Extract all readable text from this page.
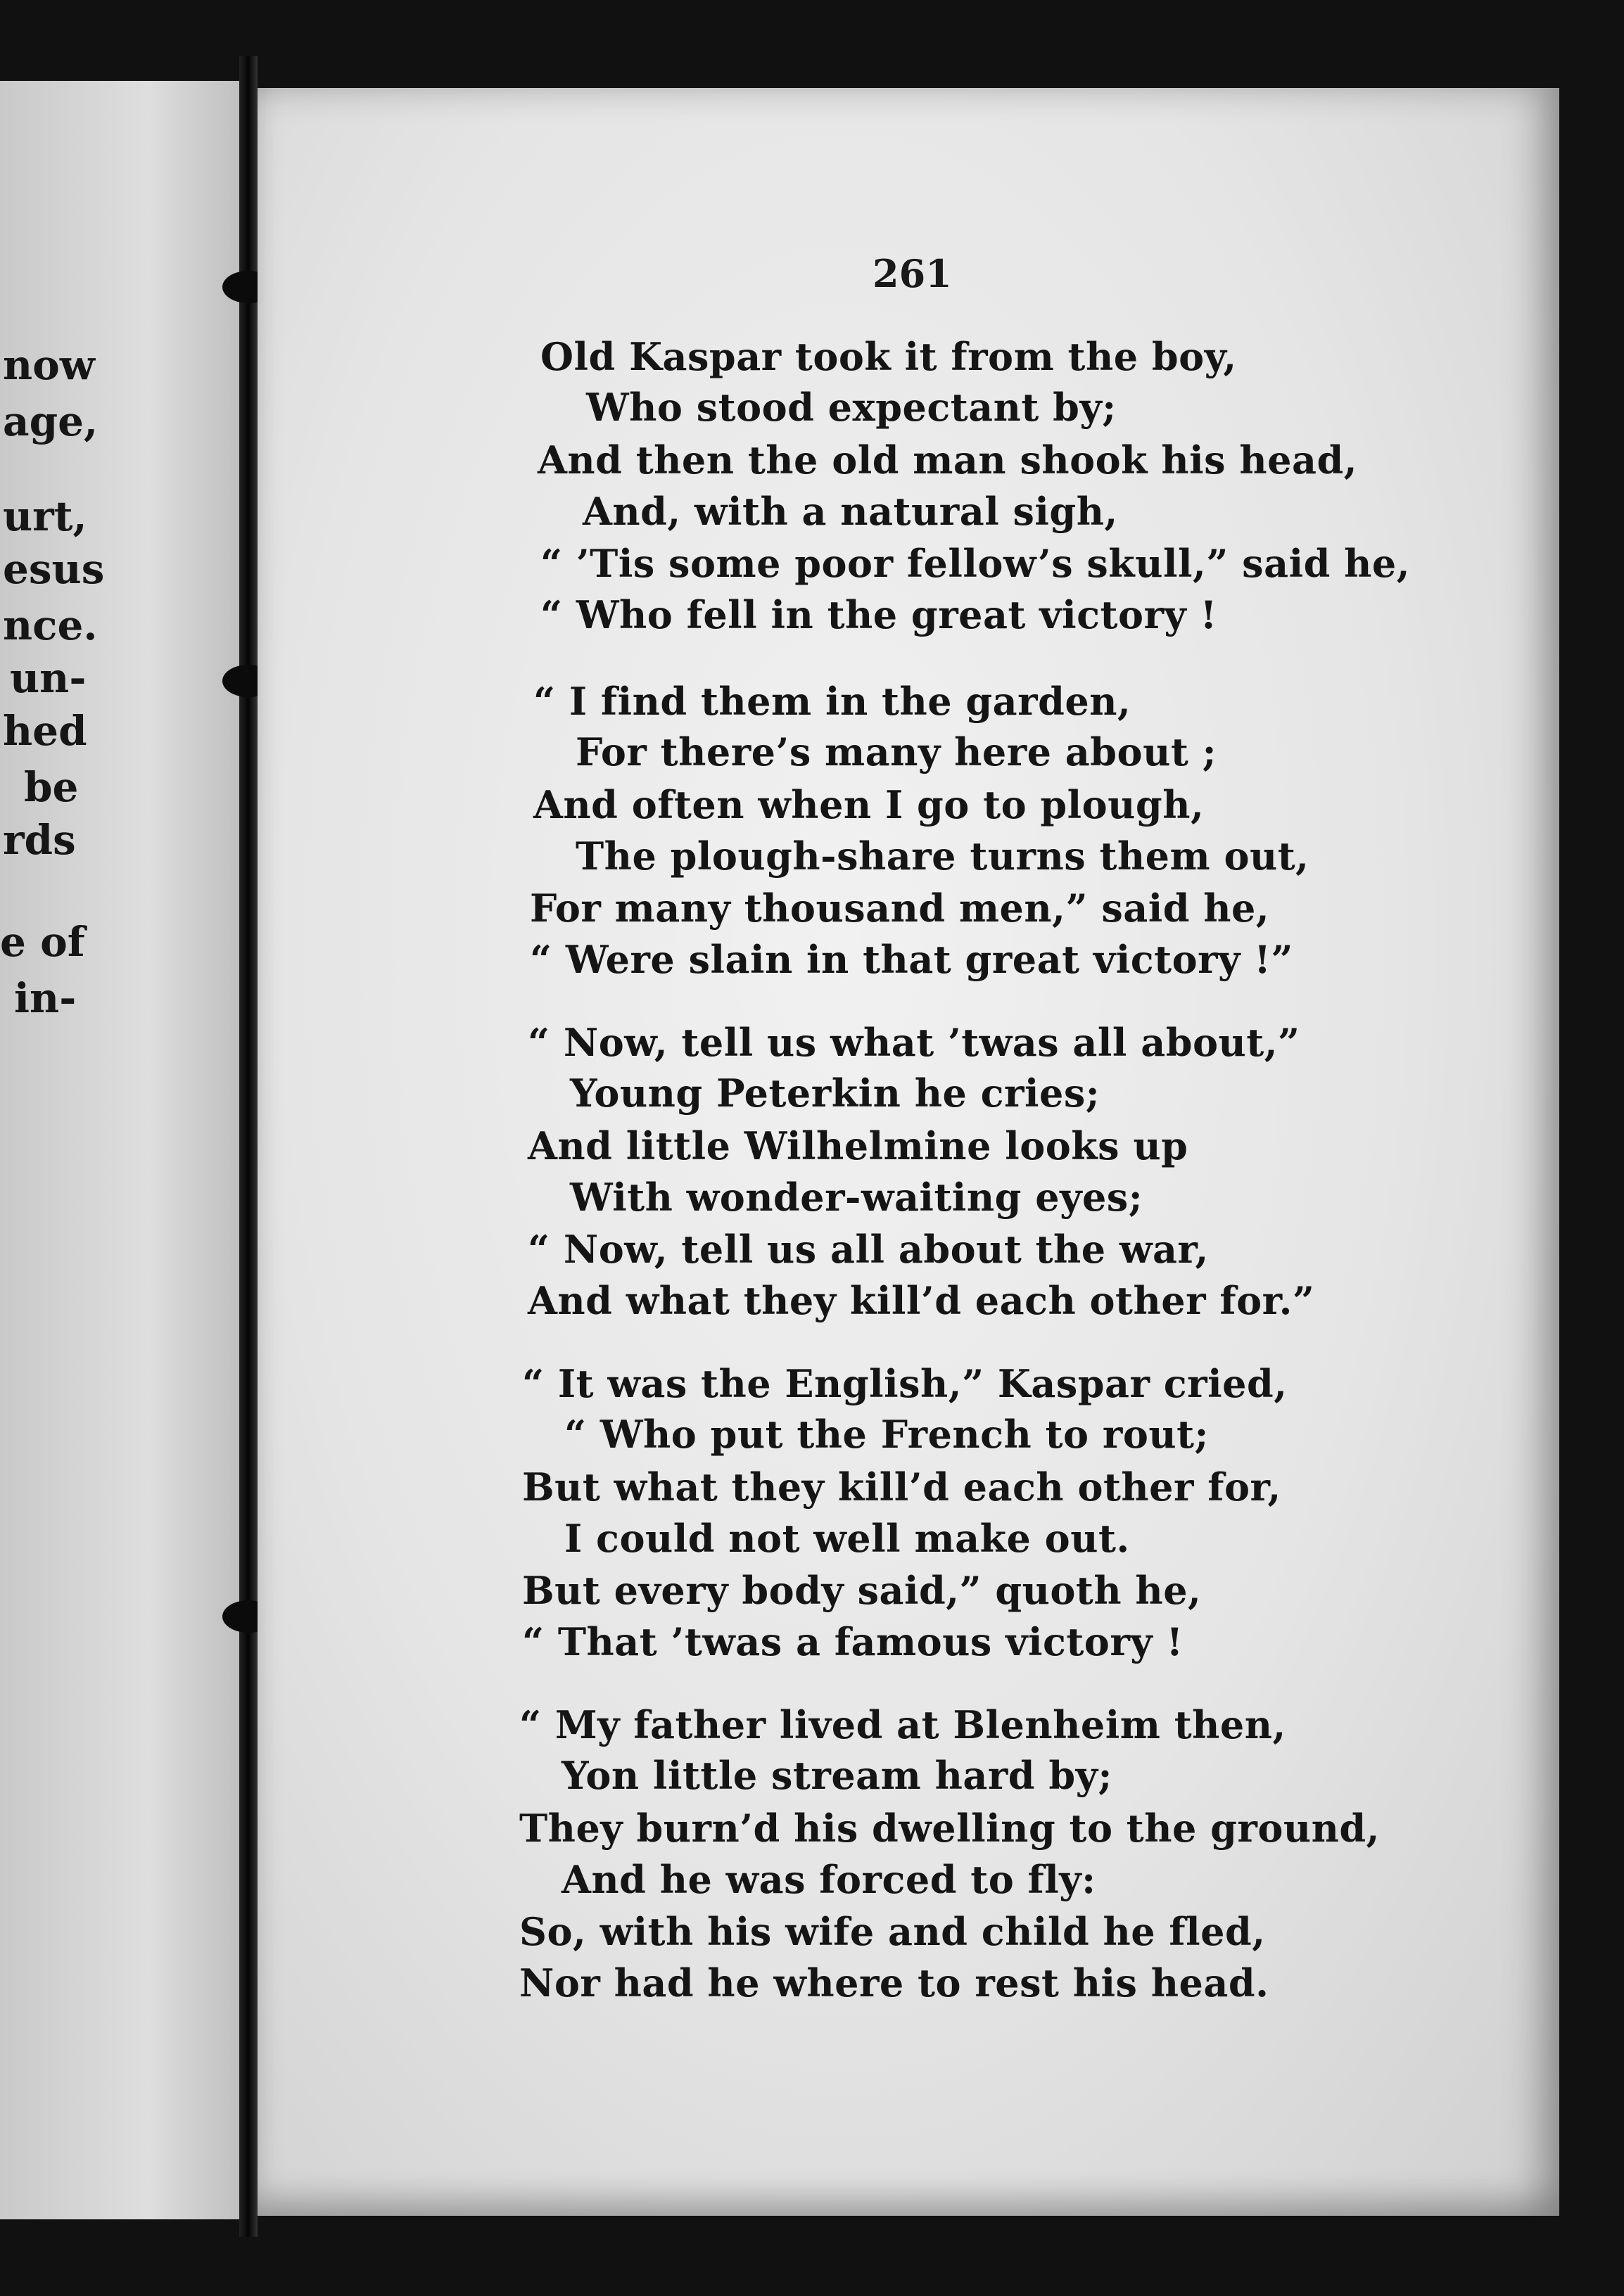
now
age,
urt,
esus
nce.
un-
hed
be
rds
e of
in-
261
Old Kaspar took it from the boy,
Who stood expectant by;
And then the old man shook his head,
And, with a natural sigh,
“ ’Tis some poor fellow’s skull,” said he,
“ Who fell in the great victory !
“ I find them in the garden,
For there’s many here about ;
And often when I go to plough,
The plough-share turns them out,
For many thousand men,” said he,
“ Were slain in that great victory !”
“ Now, tell us what ’twas all about,”
Young Peterkin he cries;
And little Wilhelmine looks up
With wonder-waiting eyes;
“ Now, tell us all about the war,
And what they kill’d each other for.”
“ It was the English,” Kaspar cried,
“ Who put the French to rout;
But what they kill’d each other for,
I could not well make out.
But every body said,” quoth he,
“ That ’twas a famous victory !
“ My father lived at Blenheim then,
Yon little stream hard by;
They burn’d his dwelling to the ground,
And he was forced to fly:
So, with his wife and child he fled,
Nor had he where to rest his head.
